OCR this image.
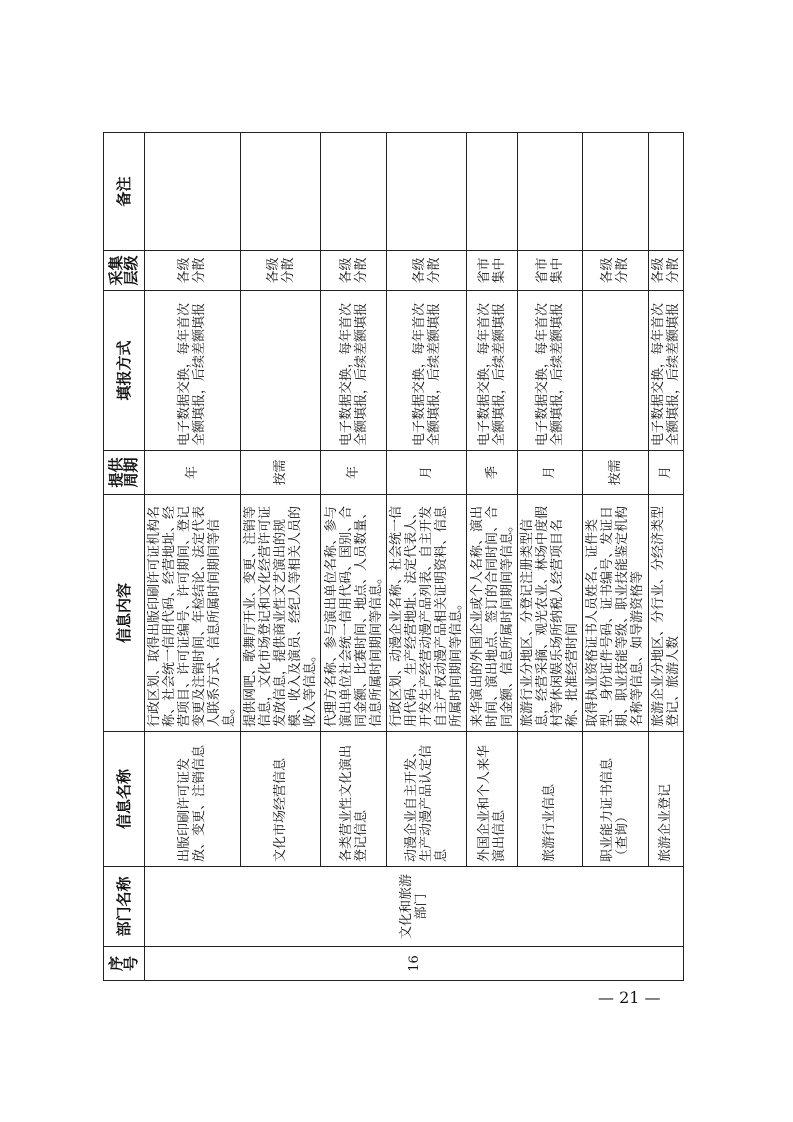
序号	部门名称	信息名称	信息内容	提供周期	填报方式	采集层级	备注
16	文化和旅游部门	出版印刷许可证发放、变更、注销信息	行政区划、取得出版印刷许可证机构名称、社会统一信用代码、经营地址、经营项目、许可证编号、许可期间、登记变更及注销时间、年检结论、法定代表人联系方式、信息所属时间期间等信息。	年	电子数据交换，每年首次全额填报，后续差额填报	各级分散	
		文化市场经营信息	提供网吧、歌舞厅开业、变更、注销等信息，文化市场登记和文化经营许可证发放信息，提供商业性文艺演出的规模、收入及演员、经纪人等相关人员的收入等信息。	按需		各级分散	
		各类营业性文化演出登记信息	代理方名称、参与演出单位名称、参与演出单位社会统一信用代码、国别、合同金额、比赛时间、地点、人员数量、信息所属时间期间等信息。	年	电子数据交换，每年首次全额填报，后续差额填报	各级分散	
		动漫企业自主开发、生产动漫产品认定信息	行政区划、动漫企业名称、社会统一信用代码、生产经营地址、法定代表人、开发生产经营动漫产品列表、自主开发自主产权动漫产品相关证明资料、信息所属时间期间等信息。	月	电子数据交换，每年首次全额填报，后续差额填报	各级分散	
		外国企业和个人来华演出信息	来华演出的外国企业或个人名称、演出时间、演出地点、签订的合同时间、合同金额、信息所属时间期间等信息。	季	电子数据交换，每年首次全额填报，后续差额填报	省市集中	
		旅游行业信息	旅游行业分地区、分登记注册类型信息，经营采摘、观光农业、林场中度假村等休闲娱乐场所纳税人经营项目名称、批准经营时间	月	电子数据交换，每年首次全额填报，后续差额填报	省市集中	
		职业能力证书信息（查询）	取得执业资格证书人员姓名、证件类型、身份证件号码、证书编号、发证日期、职业技能等级、职业技能鉴定机构名称等信息、如导游资格等	按需		各级分散	
		旅游企业登记	旅游企业分地区、分行业、分经济类型登记、旅游人数	月	电子数据交换，每年首次全额填报，后续差额填报	各级分散	
— 21 —
